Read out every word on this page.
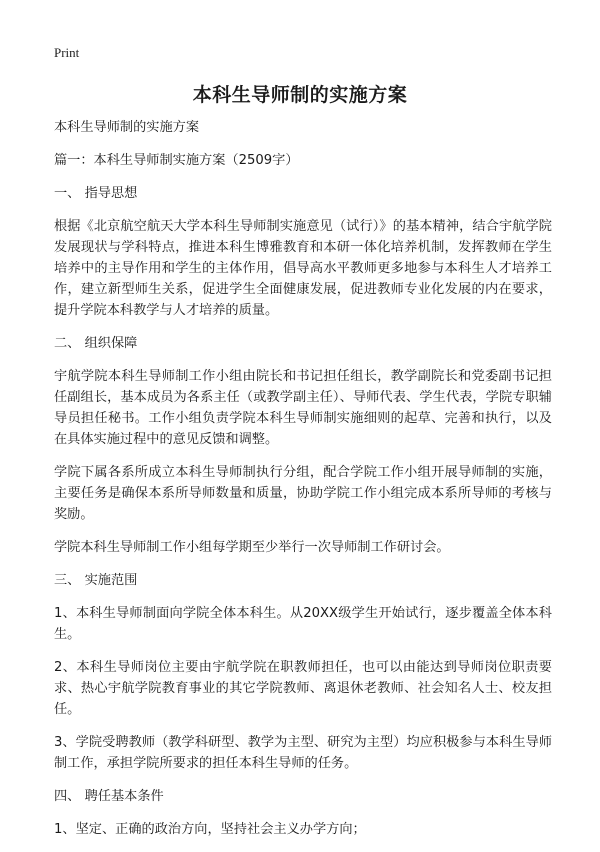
Print
本科生导师制的实施方案

本科生导师制的实施方案

篇一：本科生导师制实施方案（2509字）

一、 指导思想

根据《北京航空航天大学本科生导师制实施意见（试行）》的基本精神，结合宇航学院发展现状与学科特点，推进本科生博雅教育和本研一体化培养机制，发挥教师在学生培养中的主导作用和学生的主体作用，倡导高水平教师更多地参与本科生人才培养工作，建立新型师生关系，促进学生全面健康发展，促进教师专业化发展的内在要求，提升学院本科教学与人才培养的质量。

二、 组织保障

宇航学院本科生导师制工作小组由院长和书记担任组长，教学副院长和党委副书记担任副组长，基本成员为各系主任（或教学副主任）、导师代表、学生代表，学院专职辅导员担任秘书。工作小组负责学院本科生导师制实施细则的起草、完善和执行，以及在具体实施过程中的意见反馈和调整。

学院下属各系所成立本科生导师制执行分组，配合学院工作小组开展导师制的实施，主要任务是确保本系所导师数量和质量，协助学院工作小组完成本系所导师的考核与奖励。

学院本科生导师制工作小组每学期至少举行一次导师制工作研讨会。

三、 实施范围

1、本科生导师制面向学院全体本科生。从20XX级学生开始试行，逐步覆盖全体本科生。

2、本科生导师岗位主要由宇航学院在职教师担任，也可以由能达到导师岗位职责要求、热心宇航学院教育事业的其它学院教师、离退休老教师、社会知名人士、校友担任。

3、学院受聘教师（教学科研型、教学为主型、研究为主型）均应积极参与本科生导师制工作，承担学院所要求的担任本科生导师的任务。

四、 聘任基本条件

1、坚定、正确的政治方向，坚持社会主义办学方向；
